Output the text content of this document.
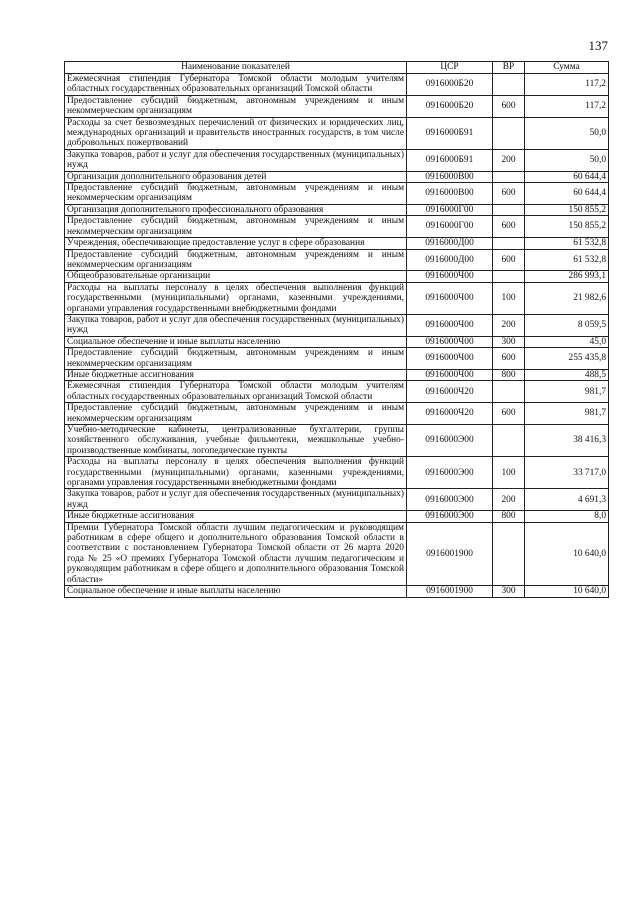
137
Наименование показателей	ЦСР	ВР	Сумма
Ежемесячная стипендия Губернатора Томской области молодым учителям областных государственных образовательных организаций Томской области	0916000Б20		117,2
Предоставление субсидий бюджетным, автономным учреждениям и иным некоммерческим организациям	0916000Б20	600	117,2
Расходы за счет безвозмездных перечислений от физических и юридических лиц, международных организаций и правительств иностранных государств, в том числе добровольных пожертвований	0916000Б91		50,0
Закупка товаров, работ и услуг для обеспечения государственных (муниципальных) нужд	0916000Б91	200	50,0
Организация дополнительного образования детей	0916000В00		60 644,4
Предоставление субсидий бюджетным, автономным учреждениям и иным некоммерческим организациям	0916000В00	600	60 644,4
Организация дополнительного профессионального образования	0916000Г00		150 855,2
Предоставление субсидий бюджетным, автономным учреждениям и иным некоммерческим организациям	0916000Г00	600	150 855,2
Учреждения, обеспечивающие предоставление услуг в сфере образования	0916000Д00		61 532,8
Предоставление субсидий бюджетным, автономным учреждениям и иным некоммерческим организациям	0916000Д00	600	61 532,8
Общеобразовательные организации	0916000Ч00		286 993,1
Расходы на выплаты персоналу в целях обеспечения выполнения функций государственными (муниципальными) органами, казенными учреждениями, органами управления государственными внебюджетными фондами	0916000Ч00	100	21 982,6
Закупка товаров, работ и услуг для обеспечения государственных (муниципальных) нужд	0916000Ч00	200	8 059,5
Социальное обеспечение и иные выплаты населению	0916000Ч00	300	45,0
Предоставление субсидий бюджетным, автономным учреждениям и иным некоммерческим организациям	0916000Ч00	600	255 435,8
Иные бюджетные ассигнования	0916000Ч00	800	488,5
Ежемесячная стипендия Губернатора Томской области молодым учителям областных государственных образовательных организаций Томской области	0916000Ч20		981,7
Предоставление субсидий бюджетным, автономным учреждениям и иным некоммерческим организациям	0916000Ч20	600	981,7
Учебно-методические кабинеты, централизованные бухгалтерии, группы хозяйственного обслуживания, учебные фильмотеки, межшкольные учебно-производственные комбинаты, логопедические пункты	0916000Э00		38 416,3
Расходы на выплаты персоналу в целях обеспечения выполнения функций государственными (муниципальными) органами, казенными учреждениями, органами управления государственными внебюджетными фондами	0916000Э00	100	33 717,0
Закупка товаров, работ и услуг для обеспечения государственных (муниципальных) нужд	0916000Э00	200	4 691,3
Иные бюджетные ассигнования	0916000Э00	800	8,0
Премии Губернатора Томской области лучшим педагогическим и руководящим работникам в сфере общего и дополнительного образования Томской области в соответствии с постановлением Губернатора Томской области от 26 марта 2020 года № 25 «О премиях Губернатора Томской области лучшим педагогическим и руководящим работникам в сфере общего и дополнительного образования Томской области»	0916001900		10 640,0
Социальное обеспечение и иные выплаты населению	0916001900	300	10 640,0
